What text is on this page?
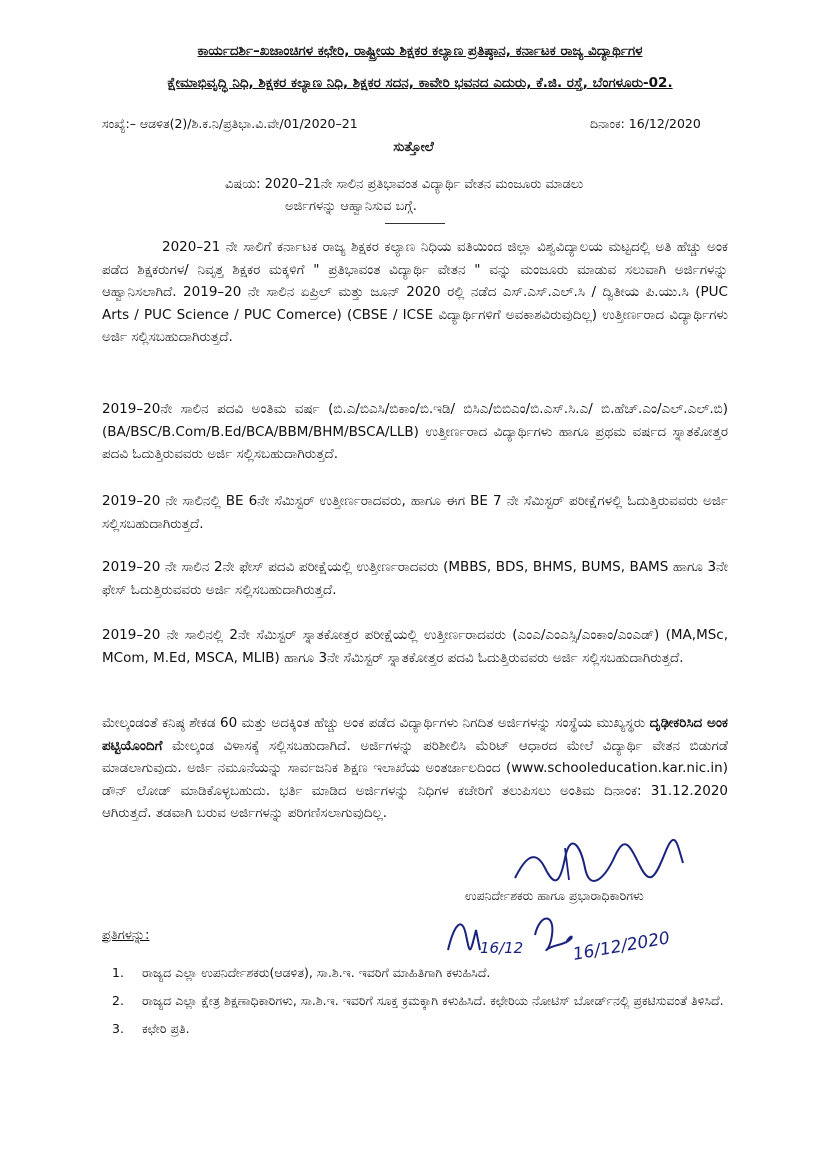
ಕಾರ್ಯದರ್ಶಿ–ಖಜಾಂಚಿಗಳ ಕಛೇರಿ, ರಾಷ್ಟ್ರೀಯ ಶಿಕ್ಷಕರ ಕಲ್ಯಾಣ ಪ್ರತಿಷ್ಠಾನ, ಕರ್ನಾಟಕ ರಾಜ್ಯ ವಿದ್ಯಾರ್ಥಿಗಳ
ಕ್ಷೇಮಾಭಿವೃದ್ಧಿ ನಿಧಿ, ಶಿಕ್ಷಕರ ಕಲ್ಯಾಣ ನಿಧಿ, ಶಿಕ್ಷಕರ ಸದನ, ಕಾವೇರಿ ಭವನದ ಎದುರು, ಕೆ.ಜಿ. ರಸ್ತೆ, ಬೆಂಗಳೂರು-02.
ಸಂಖ್ಯೆ:– ಆಡಳಿತ(2)/ಶಿ.ಕ.ನಿ/ಪ್ರತಿಭಾ.ವಿ.ವೇ/01/2020–21	ದಿನಾಂಕ: 16/12/2020
ಸುತ್ತೋಲೆ
ವಿಷಯ: 2020–21ನೇ ಸಾಲಿನ ಪ್ರತಿಭಾವಂತ ವಿದ್ಯಾರ್ಥಿ ವೇತನ ಮಂಜೂರು ಮಾಡಲು
ಅರ್ಜಿಗಳನ್ನು ಆಹ್ವಾನಿಸುವ ಬಗ್ಗೆ.
2020–21 ನೇ ಸಾಲಿಗೆ ಕರ್ನಾಟಕ ರಾಜ್ಯ ಶಿಕ್ಷಕರ ಕಲ್ಯಾಣ ನಿಧಿಯ ವತಿಯಿಂದ ಜಿಲ್ಲಾ ವಿಶ್ವವಿದ್ಯಾಲಯ ಮಟ್ಟದಲ್ಲಿ ಅತಿ ಹೆಚ್ಚು ಅಂಕ ಪಡೆದ ಶಿಕ್ಷಕರುಗಳ/ ನಿವೃತ್ತ ಶಿಕ್ಷಕರ ಮಕ್ಕಳಿಗೆ " ಪ್ರತಿಭಾವಂತ ವಿದ್ಯಾರ್ಥಿ ವೇತನ " ವನ್ನು ಮಂಜೂರು ಮಾಡುವ ಸಲುವಾಗಿ ಅರ್ಜಿಗಳನ್ನು ಆಹ್ವಾನಿಸಲಾಗಿದೆ. 2019–20 ನೇ ಸಾಲಿನ ಏಪ್ರಿಲ್ ಮತ್ತು ಜೂನ್ 2020 ರಲ್ಲಿ ನಡೆದ ಎಸ್.ಎಸ್.ಎಲ್.ಸಿ / ದ್ವಿತೀಯ ಪಿ.ಯು.ಸಿ (PUC Arts / PUC Science / PUC Comerce) (CBSE / ICSE ವಿದ್ಯಾರ್ಥಿಗಳಿಗೆ ಅವಕಾಶವಿರುವುದಿಲ್ಲ) ಉತ್ತೀರ್ಣರಾದ ವಿದ್ಯಾರ್ಥಿಗಳು ಅರ್ಜಿ ಸಲ್ಲಿಸಬಹುದಾಗಿರುತ್ತದೆ.
2019–20ನೇ ಸಾಲಿನ ಪದವಿ ಅಂತಿಮ ವರ್ಷ (ಬಿ.ಎ/ಬಿಎಸಿ/ಬಿಕಾಂ/ಬಿ.ಇಡಿ/ ಬಿಸಿಎ/ಬಿಬಿಎಂ/ಬಿ.ಎಸ್.ಸಿ.ಎ/ ಬಿ.ಹೆಚ್.ಎಂ/ಎಲ್.ಎಲ್.ಬಿ) (BA/BSC/B.Com/B.Ed/BCA/BBM/BHM/BSCA/LLB) ಉತ್ತೀರ್ಣರಾದ ವಿದ್ಯಾರ್ಥಿಗಳು ಹಾಗೂ ಪ್ರಥಮ ವರ್ಷದ ಸ್ನಾತಕೋತ್ತರ ಪದವಿ ಓದುತ್ತಿರುವವರು ಅರ್ಜಿ ಸಲ್ಲಿಸಬಹುದಾಗಿರುತ್ತದೆ.
2019–20 ನೇ ಸಾಲಿನಲ್ಲಿ BE 6ನೇ ಸೆಮಿಸ್ಟರ್ ಉತ್ತೀರ್ಣರಾದವರು, ಹಾಗೂ ಈಗ BE 7 ನೇ ಸೆಮಿಸ್ಟರ್ ಪರೀಕ್ಷೆಗಳಲ್ಲಿ ಓದುತ್ತಿರುವವರು ಅರ್ಜಿ ಸಲ್ಲಿಸಬಹುದಾಗಿರುತ್ತದೆ.
2019–20 ನೇ ಸಾಲಿನ 2ನೇ ಫೇಸ್ ಪದವಿ ಪರೀಕ್ಷೆಯಲ್ಲಿ ಉತ್ತೀರ್ಣರಾದವರು (MBBS, BDS, BHMS, BUMS, BAMS ಹಾಗೂ 3ನೇ ಫೇಸ್ ಓದುತ್ತಿರುವವರು ಅರ್ಜಿ ಸಲ್ಲಿಸಬಹುದಾಗಿರುತ್ತದೆ.
2019–20 ನೇ ಸಾಲಿನಲ್ಲಿ 2ನೇ ಸೆಮಿಸ್ಟರ್ ಸ್ನಾತಕೋತ್ತರ ಪರೀಕ್ಷೆಯಲ್ಲಿ ಉತ್ತೀರ್ಣರಾದವರು (ಎಂಎ/ಎಂಎಸ್ಸಿ/ಎಂಕಾಂ/ಎಂಎಡ್) (MA,MSc, MCom, M.Ed, MSCA, MLIB) ಹಾಗೂ 3ನೇ ಸೆಮಿಸ್ಟರ್ ಸ್ನಾತಕೋತ್ತರ ಪದವಿ ಓದುತ್ತಿರುವವರು ಅರ್ಜಿ ಸಲ್ಲಿಸಬಹುದಾಗಿರುತ್ತದೆ.
ಮೇಲ್ಕಂಡಂತೆ ಕನಿಷ್ಠ ಶೇಕಡ 60 ಮತ್ತು ಅದಕ್ಕಿಂತ ಹೆಚ್ಚು ಅಂಕ ಪಡೆದ ವಿದ್ಯಾರ್ಥಿಗಳು ನಿಗದಿತ ಅರ್ಜಿಗಳನ್ನು ಸಂಸ್ಥೆಯ ಮುಖ್ಯಸ್ಥರು ದೃಢೀಕರಿಸಿದ ಅಂಕ ಪಟ್ಟಿಯೊಂದಿಗೆ ಮೇಲ್ಕಂಡ ವಿಳಾಸಕ್ಕೆ ಸಲ್ಲಿಸಬಹುದಾಗಿದೆ. ಅರ್ಜಿಗಳನ್ನು ಪರಿಶೀಲಿಸಿ ಮೆರಿಟ್ ಆಧಾರದ ಮೇಲೆ ವಿದ್ಯಾರ್ಥಿ ವೇತನ ಬಿಡುಗಡೆ ಮಾಡಲಾಗುವುದು. ಅರ್ಜಿ ನಮೂನೆಯನ್ನು ಸಾರ್ವಜನಿಕ ಶಿಕ್ಷಣ ಇಲಾಖೆಯ ಅಂತರ್ಜಾಲದಿಂದ (www.schooleducation.kar.nic.in) ಡೌನ್ ಲೋಡ್ ಮಾಡಿಕೊಳ್ಳಬಹುದು. ಭರ್ತಿ ಮಾಡಿದ ಅರ್ಜಿಗಳನ್ನು ನಿಧಿಗಳ ಕಚೇರಿಗೆ ತಲುಪಿಸಲು ಅಂತಿಮ ದಿನಾಂಕ: 31.12.2020 ಆಗಿರುತ್ತದೆ. ತಡವಾಗಿ ಬರುವ ಅರ್ಜಿಗಳನ್ನು ಪರಿಗಣಿಸಲಾಗುವುದಿಲ್ಲ.
ಉಪನಿರ್ದೇಶಕರು ಹಾಗೂ ಪ್ರಭಾರಾಧಿಕಾರಿಗಳು
16/12	16/12/2020
ಪ್ರತಿಗಳನ್ನು:
1. ರಾಜ್ಯದ ಎಲ್ಲಾ ಉಪನಿರ್ದೇಶಕರು(ಆಡಳಿತ), ಸಾ.ಶಿ.ಇ. ಇವರಿಗೆ ಮಾಹಿತಿಗಾಗಿ ಕಳುಹಿಸಿದೆ.
2. ರಾಜ್ಯದ ಎಲ್ಲಾ ಕ್ಷೇತ್ರ ಶಿಕ್ಷಣಾಧಿಕಾರಿಗಳು, ಸಾ.ಶಿ.ಇ. ಇವರಿಗೆ ಸೂಕ್ತ ಕ್ರಮಕ್ಕಾಗಿ ಕಳುಹಿಸಿದೆ. ಕಛೇರಿಯ ನೋಟಿಸ್ ಬೋರ್ಡ್‌ನಲ್ಲಿ ಪ್ರಕಟಿಸುವಂತೆ ತಿಳಿಸಿದೆ.
3. ಕಛೇರಿ ಪ್ರತಿ.
